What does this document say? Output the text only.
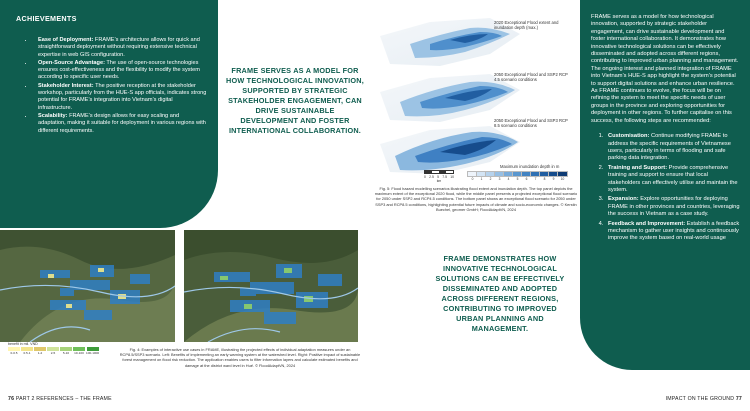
ACHIEVEMENTS
• Ease of Deployment: FRAME’s architecture allows for quick and straightforward deployment without requiring extensive technical expertise in web GIS configuration.
• Open-Source Advantage: The use of open-source technologies ensures cost-effectiveness and the flexibility to modify the system according to specific user needs.
• Stakeholder Interest: The positive reception at the stakeholder workshop, particularly from the HUE-S app officials, indicates strong potential for FRAME’s integration into Vietnam’s digital infrastructure.
• Scalability: FRAME’s design allows for easy scaling and adaptation, making it suitable for deployment in various regions with different requirements.
FRAME SERVES AS A MODEL FOR HOW TECHNOLOGICAL INNOVATION, SUPPORTED BY STRATEGIC STAKEHOLDER ENGAGEMENT, CAN DRIVE SUSTAINABLE DEVELOPMENT AND FOSTER INTERNATIONAL COLLABORATION.
2020 Exceptional Flood extent and inundation depth (max.)
2050 Exceptional Flood and SSP2 RCP 4.5 scenario conditions
2050 Exceptional Flood and SSP3 RCP 8.5 scenario conditions
Maximum inundation depth in m
0 1 2 3 4 5 6 7 8 9 10
0 2.5 5 7.5 10
km
Fig. 5: Flood hazard modelling scenarios illustrating flood extent and inundation depth. The top panel depicts the maximum extent of the exceptional 2020 flood, while the middle panel presents a projected exceptional flood scenario for 2050 under SSP2 and RCP4.5 conditions. The bottom panel shows an exceptional flood scenario for 2050 under SSP3 and RCP8.5 conditions, highlighting potential future impacts of climate and socio-economic changes. © Kerstin Buechel, geomer GmbH; FloodAdaptVN, 2024

FRAME serves as a model for how technological innovation, supported by strategic stakeholder engagement, can drive sustainable development and foster international collaboration. It demonstrates how innovative technological solutions can be effectively disseminated and adopted across different regions, contributing to improved urban planning and management. The ongoing interest and planned integration of FRAME into Vietnam’s HUE-S app highlight the system’s potential to support digital solutions and enhance urban resilience. As FRAME continues to evolve, the focus will be on refining the system to meet the specific needs of user groups in the province and exploring opportunities for deployment in other regions. To further capitalise on this success, the following steps are recommended:

1. Customisation: Continue modifying FRAME to address the specific requirements of Vietnamese users, particularly in terms of flooding and safe parking data integration.
2. Training and Support: Provide comprehensive training and support to ensure that local stakeholders can effectively utilise and maintain the system.
3. Expansion: Explore opportunities for deploying FRAME in other provinces and countries, leveraging the success in Vietnam as a case study.
4. Feedback and Improvement: Establish a feedback mechanism to gather user insights and continuously improve the system based on real-world usage
FRAME DEMONSTRATES HOW INNOVATIVE TECHNOLOGICAL SOLUTIONS CAN BE EFFECTIVELY DISSEMINATED AND ADOPTED ACROSS DIFFERENT REGIONS, CONTRIBUTING TO IMPROVED URBAN PLANNING AND MANAGEMENT.
benefit in mil. VND
0-0.5 0.5-1 1-2	2-5 5-10 10-100 100-1000
Fig. 4: Examples of interactive use cases in FRAME, illustrating the projected effects of individual adaptation measures under an RCP8.5/SSP3 scenario. Left: Benefits of implementing an early warning system at the watershed level. Right: Positive impact of sustainable forest management on flood risk reduction. The application enables users to filter information layers and calculate estimated benefits and damage at the district ward level in Huế. © FloodAdaptVN, 2024
76 PART 2 REFERENCES – THE FRAME	IMPACT ON THE GROUND 77
